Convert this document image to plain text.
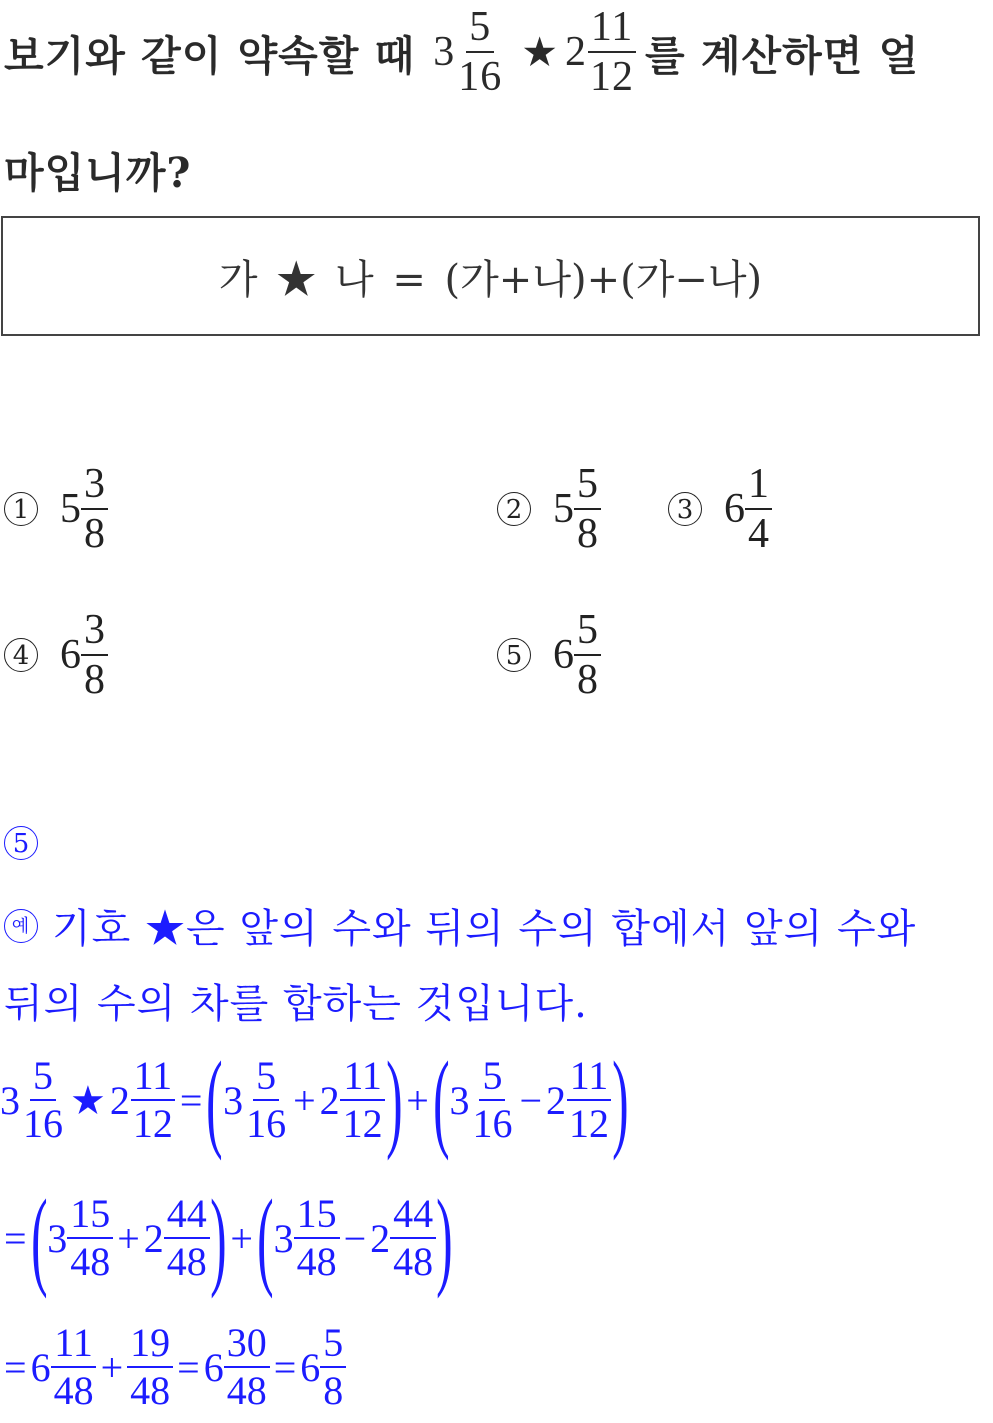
보기와 같이 약속할 때 $3 \frac{5}{16}$ ★ $2 \frac{11}{12}$ 를 계산하면 얼
마입니까?
가 ★ 나 = (가+나)+(가−나)
1 $5 \frac{3}{8}$	2 $5 \frac{5}{8}$	3 $6 \frac{1}{4}$
4 $6 \frac{3}{8}$	5 $6 \frac{5}{8}$
5
예 기호 ★은 앞의 수와 뒤의 수의 합에서 앞의 수와
뒤의 수의 차를 합하는 것입니다.
$3 \frac{5}{16}$ ★ $2 \frac{11}{12}$ = ( $3 \frac{5}{16} + 2 \frac{11}{12}$ ) + ( $3 \frac{5}{16} - 2 \frac{11}{12}$ )
= ( $3 \frac{15}{48} + 2 \frac{44}{48}$ ) + ( $3 \frac{15}{48} - 2 \frac{44}{48}$ )
= $6 \frac{11}{48} + \frac{19}{48} = 6 \frac{30}{48} = 6 \frac{5}{8}$
